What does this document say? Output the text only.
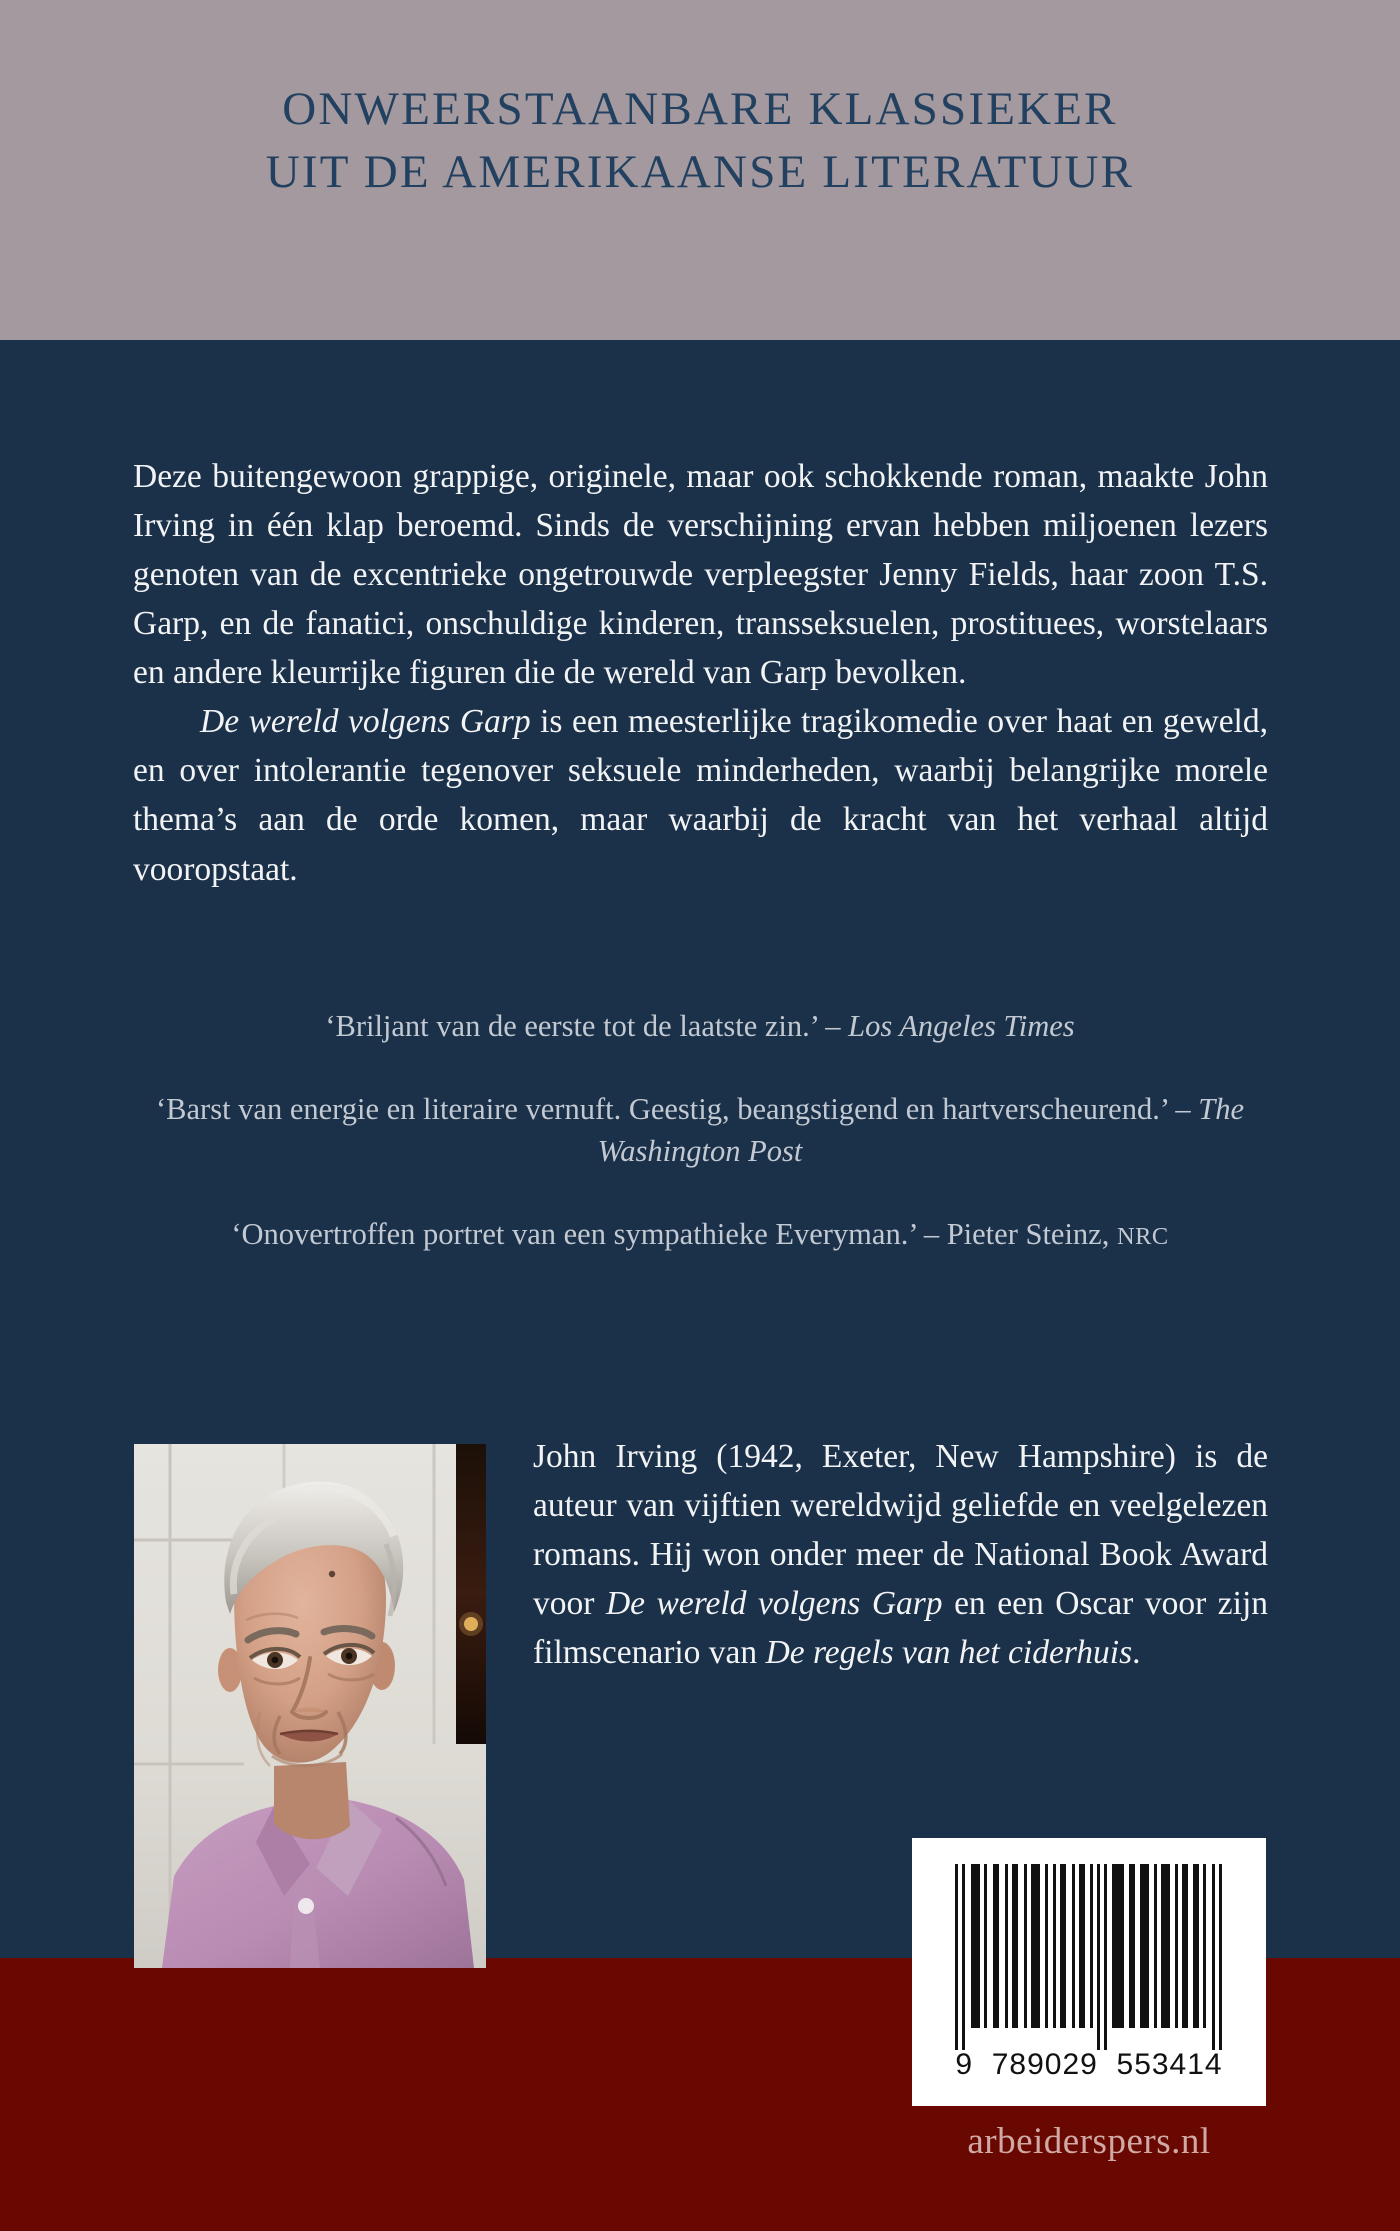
ONWEERSTAANBARE KLASSIEKER
UIT DE AMERIKAANSE LITERATUUR

Deze buitengewoon grappige, originele, maar ook schokkende roman, maakte John Irving in één klap beroemd. Sinds de verschijning ervan hebben miljoenen lezers genoten van de excentrieke ongetrouwde verpleegster Jenny Fields, haar zoon T.S. Garp, en de fanatici, onschuldige kinderen, transseksuelen, prostituees, worstelaars en andere kleurrijke figuren die de wereld van Garp bevolken.

De wereld volgens Garp is een meesterlijke tragikomedie over haat en geweld, en over intolerantie tegenover seksuele minderheden, waarbij belangrijke morele thema’s aan de orde komen, maar waarbij de kracht van het verhaal altijd vooropstaat.

‘Briljant van de eerste tot de laatste zin.’ – Los Angeles Times
‘Barst van energie en literaire vernuft. Geestig, beangstigend en hartverscheurend.’ – The Washington Post
‘Onovertroffen portret van een sympathieke Everyman.’ – Pieter Steinz, NRC
John Irving (1942, Exeter, New Hampshire) is de auteur van vijftien wereldwijd geliefde en veelgelezen romans. Hij won onder meer de National Book Award voor De wereld volgens Garp en een Oscar voor zijn filmscenario van De regels van het ciderhuis.
9  789029  553414
arbeiderspers.nl
